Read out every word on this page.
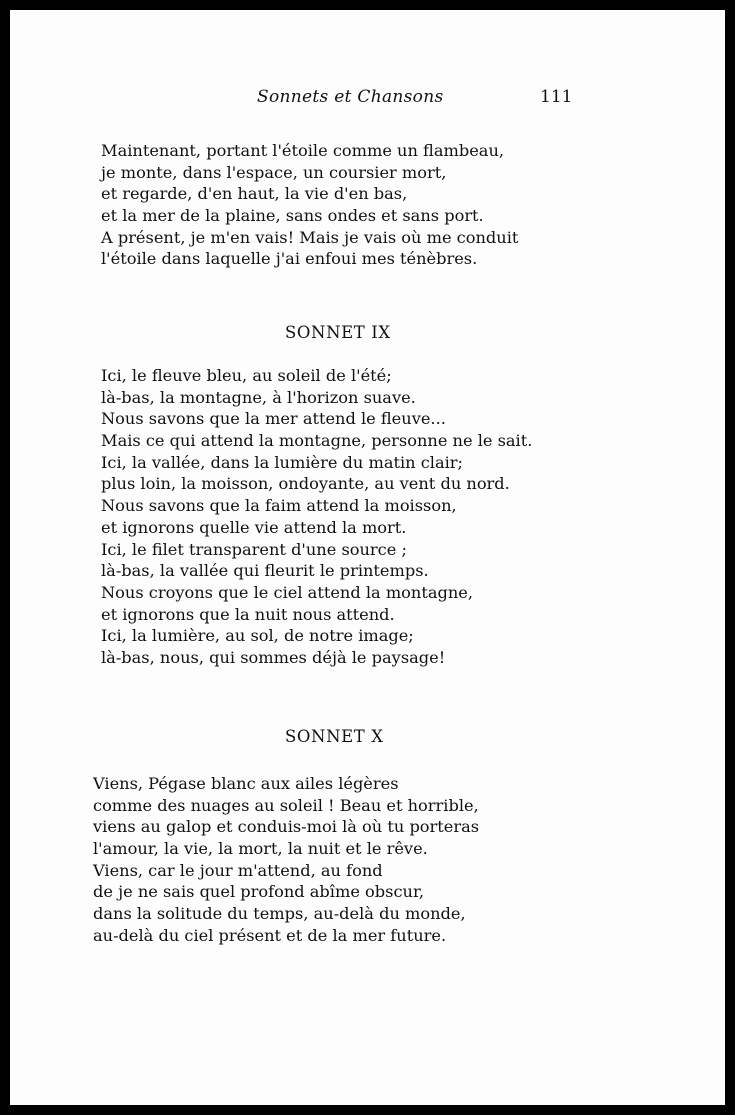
Sonnets et Chansons	111
Maintenant, portant l'étoile comme un flambeau,
je monte, dans l'espace, un coursier mort,
et regarde, d'en haut, la vie d'en bas,
et la mer de la plaine, sans ondes et sans port.
A présent, je m'en vais! Mais je vais où me conduit
l'étoile dans laquelle j'ai enfoui mes ténèbres.
SONNET IX
Ici, le fleuve bleu, au soleil de l'été;
là-bas, la montagne, à l'horizon suave.
Nous savons que la mer attend le fleuve...
Mais ce qui attend la montagne, personne ne le sait.
Ici, la vallée, dans la lumière du matin clair;
plus loin, la moisson, ondoyante, au vent du nord.
Nous savons que la faim attend la moisson,
et ignorons quelle vie attend la mort.
Ici, le filet transparent d'une source ;
là-bas, la vallée qui fleurit le printemps.
Nous croyons que le ciel attend la montagne,
et ignorons que la nuit nous attend.
Ici, la lumière, au sol, de notre image;
là-bas, nous, qui sommes déjà le paysage!
SONNET X
Viens, Pégase blanc aux ailes légères
comme des nuages au soleil ! Beau et horrible,
viens au galop et conduis-moi là où tu porteras
l'amour, la vie, la mort, la nuit et le rêve.
Viens, car le jour m'attend, au fond
de je ne sais quel profond abîme obscur,
dans la solitude du temps, au-delà du monde,
au-delà du ciel présent et de la mer future.
